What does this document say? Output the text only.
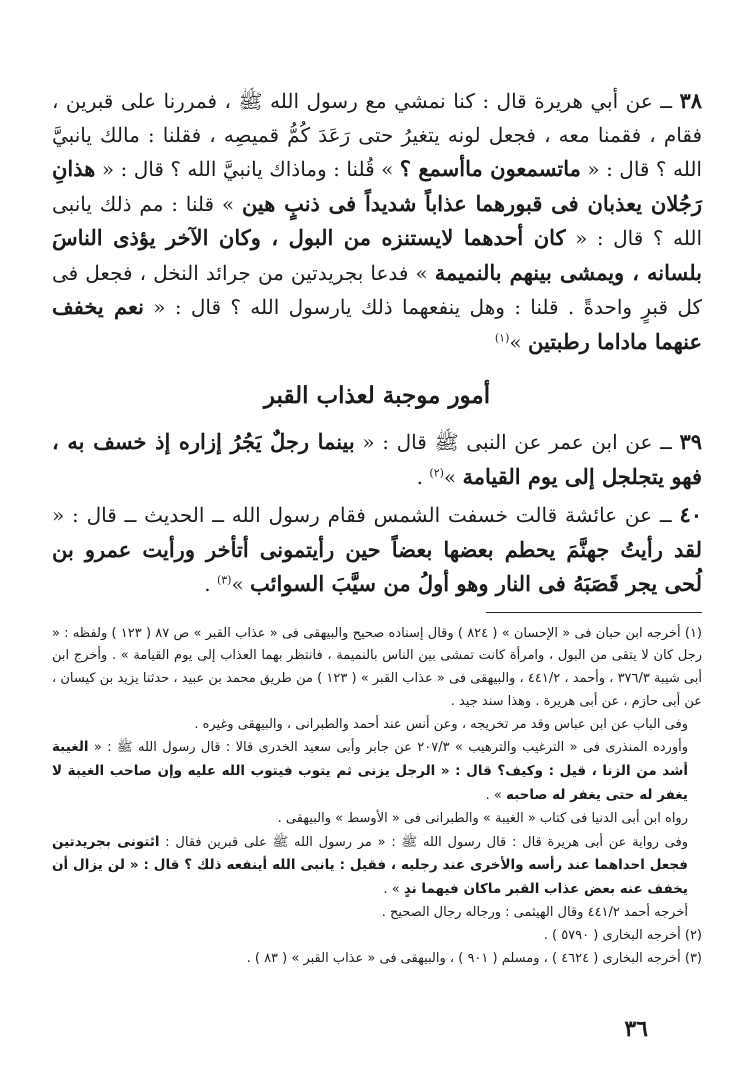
٣٨ ــ عن أبي هريرة قال : كنا نمشي مع رسول الله ﷺ ، فمررنا على قبرين ، فقام ، فقمنا معه ، فجعل لونه يتغيرُ حتى رَعَدَ كُمُّ قميصِه ، فقلنا : مالك يانبيَّ الله ؟ قال : « ماتسمعون ماأسمع ؟ » قُلنا : وماذاك يانبيَّ الله ؟ قال : « هذانِ رَجُلان يعذبان فى قبورهما عذاباً شديداً فى ذنبٍ هين » قلنا : مم ذلك يانبى الله ؟ قال : « كان أحدهما لايستنزه من البول ، وكان الآخر يؤذى الناسَ بلسانه ، ويمشى بينهم بالنميمة » فدعا بجريدتين من جرائد النخل ، فجعل فى كل قبرٍ واحدةً . قلنا : وهل ينفعهما ذلك يارسول الله ؟ قال : « نعم يخفف عنهما ماداما رطبتين »$^{(١)}$

أمور موجبة لعذاب القبر

٣٩ ــ عن ابن عمر عن النبى ﷺ قال : « بينما رجلٌ يَجُرُ إزاره إذ خسف به ، فهو يتجلجل إلى يوم القيامة »$^{(٢)}$ .

٤٠ ــ عن عائشة قالت خسفت الشمس فقام رسول الله ــ الحديث ــ قال : « لقد رأيتُ جهنَّمَ يحطم بعضها بعضاً حين رأيتمونى أتأخر ورأيت عمرو بن لُحى يجر قَصَبَهُ فى النار وهو أولُ من سيَّبَ السوائب »$^{(٣)}$ .

(١) أخرجه ابن حبان فى « الإحسان » ( ٨٢٤ ) وقال إسناده صحيح والبيهقى فى « عذاب القبر » ص ٨٧ ( ١٢٣ ) ولفظه : « رجل كان لا يتقى من البول ، وامرأة كانت تمشى بين الناس بالنميمة ، فانتظر بهما العذاب إلى يوم القيامة » . وأخرج ابن أبى شيبة ٣٧٦/٣ ، وأحمد ، ٤٤١/٢ ، والبيهقى فى « عذاب القبر » ( ١٢٣ ) من طريق محمد بن عبيد ، حدثنا يزيد بن كيسان ، عن أبى حازم ، عن أبى هريرة . وهذا سند جيد .

وفى الباب عن ابن عباس وقد مر تخريجه ، وعن أنس عند أحمد والطبرانى ، والبيهقى وغيره .

وأورده المنذرى فى « الترغيب والترهيب » ٢٠٧/٣ عن جابر وأبى سعيد الخدرى قالا : قال رسول الله ﷺ : « الغيبة أشد من الزنا ، قيل : وكيف؟ قال : « الرجل يزنى ثم يتوب فيتوب الله عليه وإن صاحب الغيبة لا يغفر له حتى يغفر له صاحبه » .

رواه ابن أبى الدنيا فى كتاب « الغيبة » والطبرانى فى « الأوسط » والبيهقى .

وفى رواية عن أبى هريرة قال : قال رسول الله ﷺ : « مر رسول الله ﷺ على قبرين فقال : ائتونى بجريدتين فجعل احداهما عند رأسه والأخرى عند رجليه ، فقيل : يانبى الله أينفعه ذلك ؟ قال : « لن يزال أن يخفف عنه بعض عذاب القبر ماكان فيهما ندٍ » .

أخرجه أحمد ٤٤١/٢ وقال الهيثمى : ورجاله رجال الصحيح .

(٢) أخرجه البخارى ( ٥٧٩٠ ) .

(٣) أخرجه البخارى ( ٤٦٢٤ ) ، ومسلم ( ٩٠١ ) ، والبيهقى فى « عذاب القبر » ( ٨٣ ) .

٣٦
